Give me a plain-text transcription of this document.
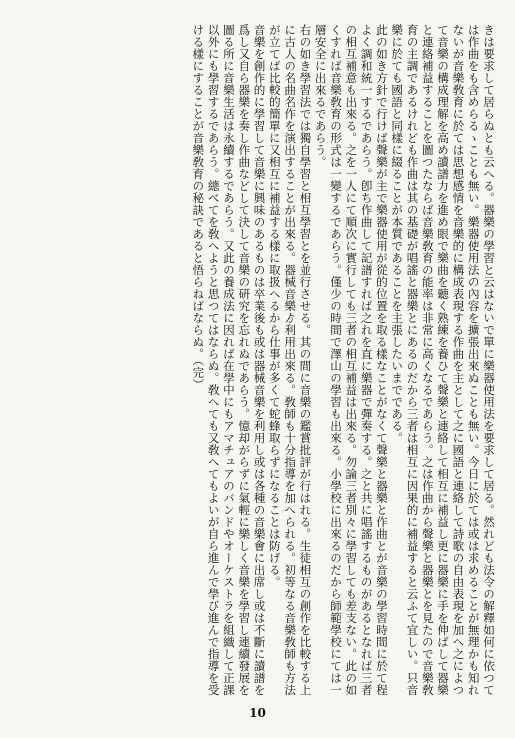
きは要求して居らぬとも云へる。器樂の學習と云はないで單に樂器使用法を要求して居る。然れども法令の解釋如何に依つては作曲をも含めらるゝことも無い。樂器使用法の內容を擴張出來ぬことも無い。今日に於ては或は求めることが無理かも知れないが音樂敎育に於ては思想感情を音樂的に構成表現する作曲を主として之に國語と連絡して詩歌の自由表現を加へ之によつて音樂の構成理解を高め讀譜力を進め眼で樂曲を聽く熟練を養ひて聲樂と連絡して相互に補益し更に器樂に手を伸ばして器樂と連絡補益することを圖つたならば音樂敎育の能率は非常に高くなるであらう。之は作曲から聲樂と器樂とを見たので音樂敎育の主調であるけれども作曲は其の基礎が唱謠と器樂とにあるのだから三者は相互に因果的に補益すると云ふて宜しい。只音樂に於ても國語と同樣に綴ることが本質であることを主張したいまでである。

此の如き方針で行けば聲樂が主で樂器使用が從的位置を取る樣なことがなくて聲樂と器樂と作曲とが音樂の學習時間に於て程よく調和統一するであらう。卽ち作曲して記譜すれば之れを直に樂器で彈奏する。之と共に唱謠するものがあるとなれば三者の相互補意も出來る。之を一人にて順次に實行しても三者の相互補益は出來る。勿論三者別々に學習しても差支ない。此の如くすれば音樂敎育の形式は一變するであらう。僅少の時間で澤山の學習も出來る。小學校に出來るのだから師範學校にては一層安全に出來るであらう。

右の如き學習法では獨自學習と相互學習とを並行させる。其の間に音樂の鑑賞批評が行はれる。生徒相互の創作を比較する上に古人の名曲名作を演出することが出來る。器械音樂ゟ利用出來る。敎師も十分指導を加へられる。初等なる音樂敎師も方法が立てば比較的簡單に又相互に補益する樣に取扱へるから仕事が多くて蛇蜂取らずになることは防げる。

音樂を創作的に學習して音樂に興味のあるものは卒業後も或は器械音樂を利用し或は各種の音樂會に出席し或は不斷に讀譜を爲し又自ら器樂を奏し作曲などして決して音樂の硏究を忘れぬであらう。憶却がらずに氣輕に樂しく音樂を學習し連續發展を圖る所に音樂生活は永續するであらう。又此の養成法に因れば在學中にもアマチュアのバンドやオーケストラを組織して正課以外にも學習するであらう。總べてを敎へようと思つてはならぬ。敎へても又敎へてもよいが自ら進んで學び進んで指導を受ける樣にすることが音樂敎育の秘訣であると悟らねばならぬ。（完）

10
